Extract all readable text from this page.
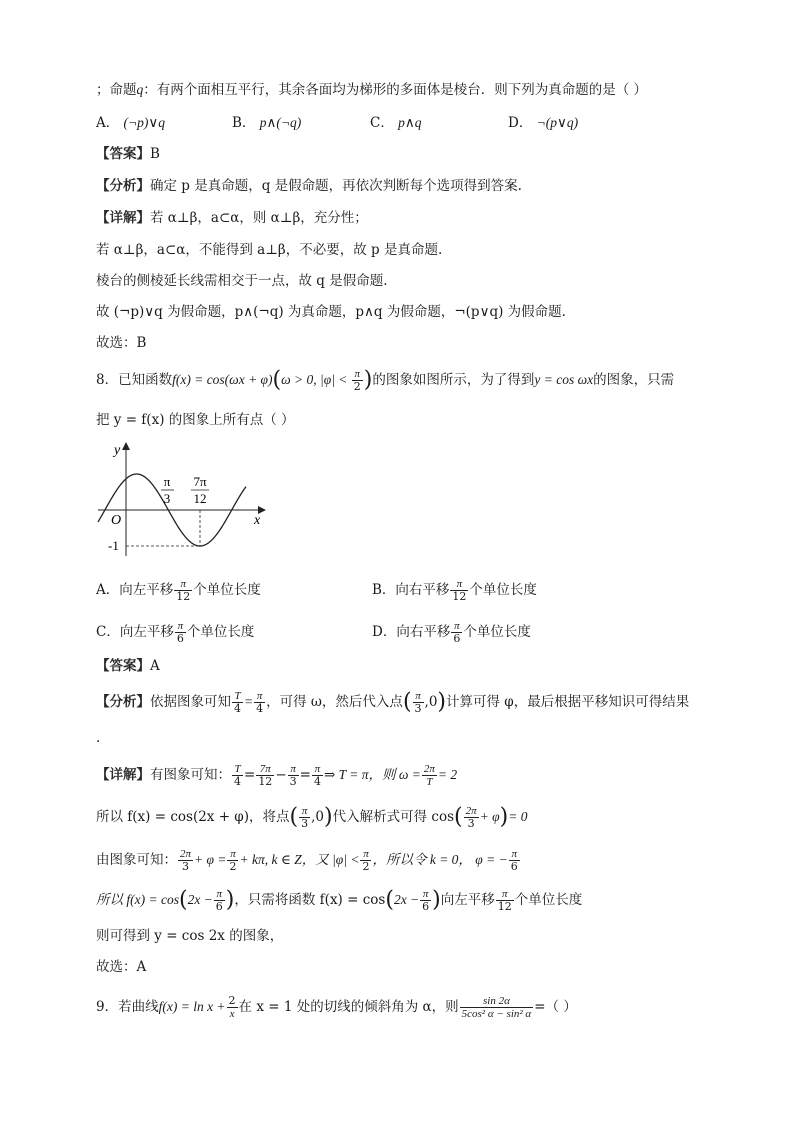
；命题q：有两个面相互平行，其余各面均为梯形的多面体是棱台．则下列为真命题的是（ ）
A． (¬p)∨q	B． p∧(¬q)	C． p∧q	D． ¬(p∨q)
【答案】B
【分析】确定 p 是真命题，q 是假命题，再依次判断每个选项得到答案.
【详解】若 α⊥β，a⊂α，则 α⊥β，充分性；
若 α⊥β，a⊂α，不能得到 a⊥β，不必要，故 p 是真命题.
棱台的侧棱延长线需相交于一点，故 q 是假命题.
故 (¬p)∨q 为假命题，p∧(¬q) 为真命题，p∧q 为假命题，¬(p∨q) 为假命题.
故选：B
8．已知函数f(x) = cos(ωx + φ)(ω > 0, $|\varphi| < \frac{\pi}{2}$ )的图象如图所示，为了得到y = cos ωx的图象，只需
把 y = f(x) 的图象上所有点（ ）
y
x
O
π
3
7π
12
-1
A．向左平移 $\frac{\pi}{12}$ 个单位长度	B．向右平移 $\frac{\pi}{12}$ 个单位长度
C．向左平移 $\frac{\pi}{6}$ 个单位长度	D．向右平移 $\frac{\pi}{6}$ 个单位长度
【答案】A
【分析】依据图象可知 $\frac{T}{4} = \frac{\pi}{4}$ ，可得 ω，然后代入点( $\frac{\pi}{3} ,0$)计算可得 φ，最后根据平移知识可得结果
.
【详解】有图象可知： $\frac{T}{4} = \frac{7\pi}{12} - \frac{\pi}{3} = \frac{\pi}{4}$ ⇒ T = π，则 $\omega = \frac{2\pi}{T} = 2$
所以 f(x) = cos(2x + φ)，将点( $\frac{\pi}{3} ,0$)代入解析式可得 $\cos( \frac{2\pi}{3} + \varphi)= 0$
由图象可知： $\frac{2\pi}{3} + \varphi = \frac{\pi}{2} + k\pi$, k ∈ Z，又 $|\varphi| < \frac{\pi}{2}$ ，所以令 k = 0， φ = − $\frac{\pi}{6}$
所以 $f(x) = \cos(2x - \frac{\pi}{6}$ )，只需将函数 $f(x) = \cos(2x - \frac{\pi}{6}$ )向左平移 $\frac{\pi}{12}$ 个单位长度
则可得到 y = cos 2x 的图象，
故选：A
9．若曲线$f(x) = \ln x + \frac{2}{x}$ 在 x = 1 处的切线的倾斜角为 α，则 $\frac{\sin 2\alpha}{\text{5cos² α − sin² α}}$ =（ ）
